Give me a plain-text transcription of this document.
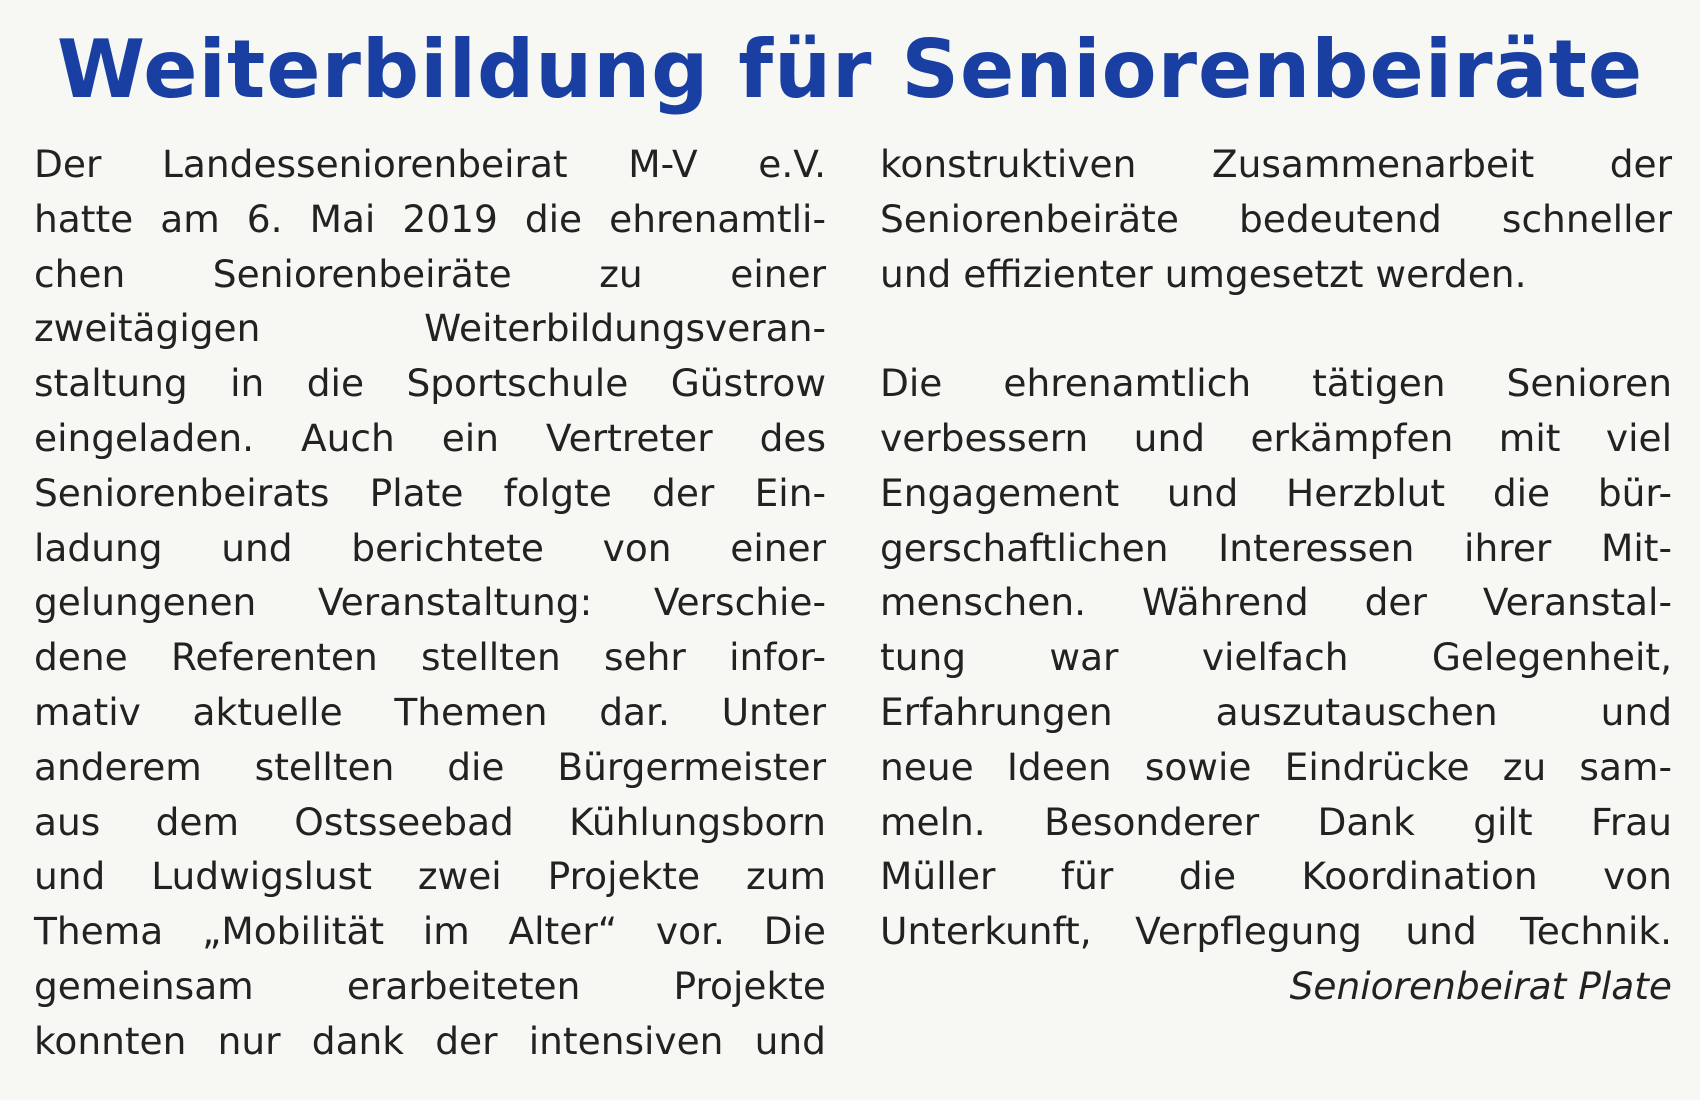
Weiterbildung für Seniorenbeiräte
Der Landesseniorenbeirat M-V e.V.
hatte am 6. Mai 2019 die ehrenamtli-
chen Seniorenbeiräte zu einer
zweitägigen Weiterbildungsveran-
staltung in die Sportschule Güstrow
eingeladen. Auch ein Vertreter des
Seniorenbeirats Plate folgte der Ein-
ladung und berichtete von einer
gelungenen Veranstaltung: Verschie-
dene Referenten stellten sehr infor-
mativ aktuelle Themen dar. Unter
anderem stellten die Bürgermeister
aus dem Ostsseebad Kühlungsborn
und Ludwigslust zwei Projekte zum
Thema „Mobilität im Alter“ vor. Die
gemeinsam erarbeiteten Projekte
konnten nur dank der intensiven und
konstruktiven Zusammenarbeit der
Seniorenbeiräte bedeutend schneller
und effizienter umgesetzt werden.
Die ehrenamtlich tätigen Senioren
verbessern und erkämpfen mit viel
Engagement und Herzblut die bür-
gerschaftlichen Interessen ihrer Mit-
menschen. Während der Veranstal-
tung war vielfach Gelegenheit,
Erfahrungen auszutauschen und
neue Ideen sowie Eindrücke zu sam-
meln. Besonderer Dank gilt Frau
Müller für die Koordination von
Unterkunft, Verpflegung und Technik.
Seniorenbeirat Plate
